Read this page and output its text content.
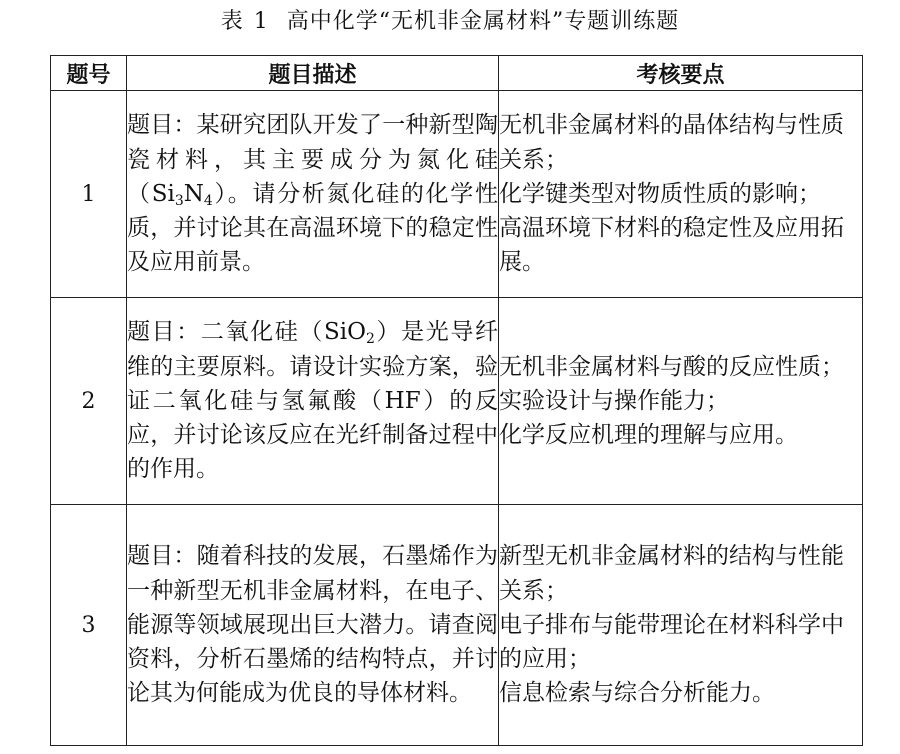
表 1 高中化学“无机非金属材料”专题训练题
题号	题目描述	考核要点
1	题目：某研究团队开发了一种新型陶瓷材料，其主要成分为氮化硅$(Si_3N_4)$。请分析氮化硅的化学性质，并讨论其在高温环境下的稳定性及应用前景。	无机非金属材料的晶体结构与性质关系；
化学键类型对物质性质的影响；
高温环境下材料的稳定性及应用拓展。

2	题目：二氧化硅（SiO$_2$）是光导纤维的主要原料。请设计实验方案，验证二氧化硅与氢氟酸（HF）的反应，并讨论该反应在光纤制备过程中的作用。	无机非金属材料与酸的反应性质；
实验设计与操作能力；
化学反应机理的理解与应用。

3	题目：随着科技的发展，石墨烯作为一种新型无机非金属材料，在电子、能源等领域展现出巨大潜力。请查阅资料，分析石墨烯的结构特点，并讨论其为何能成为优良的导体材料。	新型无机非金属材料的结构与性能关系；
电子排布与能带理论在材料科学中的应用；
信息检索与综合分析能力。
